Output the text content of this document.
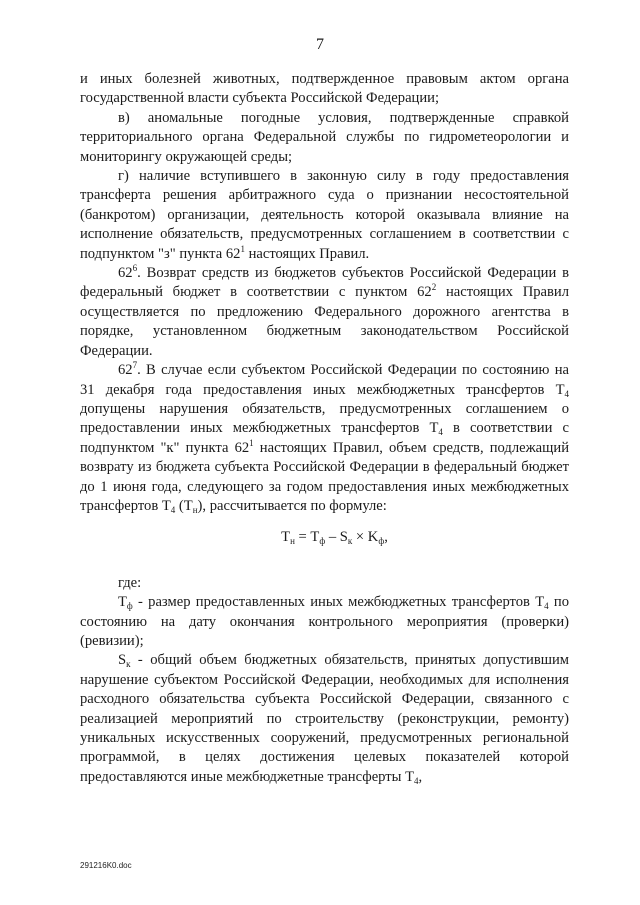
7

и иных болезней животных, подтвержденное правовым актом органа государственной власти субъекта Российской Федерации;

в) аномальные погодные условия, подтвержденные справкой территориального органа Федеральной службы по гидрометеорологии и мониторингу окружающей среды;

г) наличие вступившего в законную силу в году предоставления трансферта решения арбитражного суда о признании несостоятельной (банкротом) организации, деятельность которой оказывала влияние на исполнение обязательств, предусмотренных соглашением в соответствии с подпунктом "з" пункта $62^1$ настоящих Правил.

$62^6$. Возврат средств из бюджетов субъектов Российской Федерации в федеральный бюджет в соответствии с пунктом $62^2$ настоящих Правил осуществляется по предложению Федерального дорожного агентства в порядке, установленном бюджетным законодательством Российской Федерации.

$62^7$. В случае если субъектом Российской Федерации по состоянию на 31 декабря года предоставления иных межбюджетных трансфертов $Т_4$ допущены нарушения обязательств, предусмотренных соглашением о предоставлении иных межбюджетных трансфертов $Т_4$ в соответствии с подпунктом "к" пункта $62^1$ настоящих Правил, объем средств, подлежащий возврату из бюджета субъекта Российской Федерации в федеральный бюджет до 1 июня года, следующего за годом предоставления иных межбюджетных трансфертов $Т_4$ $(Т_н)$, рассчитывается по формуле:

$Т_н = Т_ф - S_к \times K_ф$,

где:

$Т_ф$ - размер предоставленных иных межбюджетных трансфертов $Т_4$ по состоянию на дату окончания контрольного мероприятия (проверки) (ревизии);

$S_к$ - общий объем бюджетных обязательств, принятых допустившим нарушение субъектом Российской Федерации, необходимых для исполнения расходного обязательства субъекта Российской Федерации, связанного с реализацией мероприятий по строительству (реконструкции, ремонту) уникальных искусственных сооружений, предусмотренных региональной программой, в целях достижения целевых показателей которой предоставляются иные межбюджетные трансферты $Т_4$,

291216K0.doc
